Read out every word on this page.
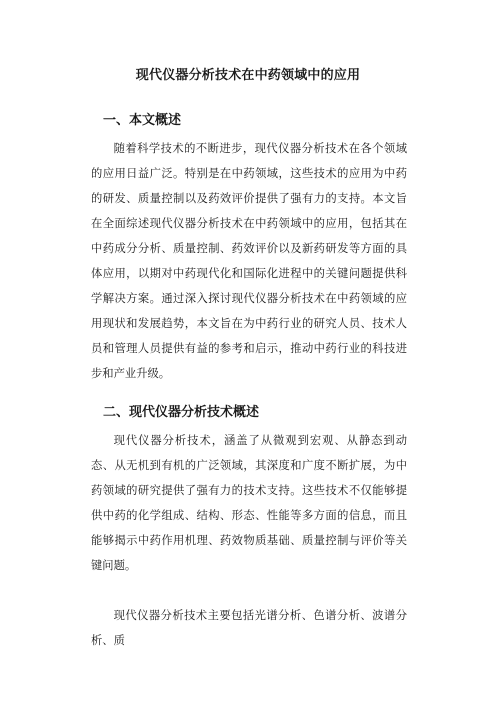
现代仪器分析技术在中药领域中的应用
一、本文概述

随着科学技术的不断进步，现代仪器分析技术在各个领域的应用日益广泛。特别是在中药领域，这些技术的应用为中药的研发、质量控制以及药效评价提供了强有力的支持。本文旨在全面综述现代仪器分析技术在中药领域中的应用，包括其在中药成分分析、质量控制、药效评价以及新药研发等方面的具体应用，以期对中药现代化和国际化进程中的关键问题提供科学解决方案。通过深入探讨现代仪器分析技术在中药领域的应用现状和发展趋势，本文旨在为中药行业的研究人员、技术人员和管理人员提供有益的参考和启示，推动中药行业的科技进步和产业升级。

二、现代仪器分析技术概述

现代仪器分析技术，涵盖了从微观到宏观、从静态到动态、从无机到有机的广泛领域，其深度和广度不断扩展，为中药领域的研究提供了强有力的技术支持。这些技术不仅能够提供中药的化学组成、结构、形态、性能等多方面的信息，而且能够揭示中药作用机理、药效物质基础、质量控制与评价等关键问题。

现代仪器分析技术主要包括光谱分析、色谱分析、波谱分析、质
